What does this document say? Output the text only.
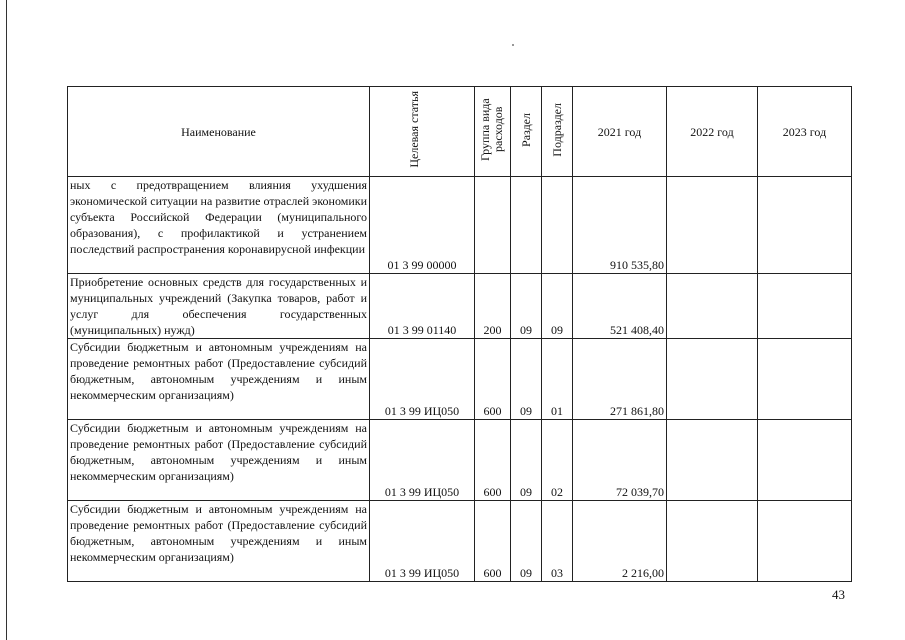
Наименование	Целевая статья	Группа вида расходов	Раздел	Подраздел	2021 год	2022 год	2023 год

ных с предотвращением влияния ухудшения экономической ситуации на развитие отраслей экономики субъекта Российской Федерации (муниципального образования), с профилактикой и устранением последствий распространения коронавирусной инфекции	01 3 99 00000				910 535,80		

Приобретение основных средств для государственных и муниципальных учреждений (Закупка товаров, работ и услуг для обеспечения государственных (муниципальных) нужд)	01 3 99 01140	200	09	09	521 408,40		

Субсидии бюджетным и автономным учреждениям на проведение ремонтных работ (Предоставление субсидий бюджетным, автономным учреждениям и иным некоммерческим организациям)	01 3 99 ИЦ050	600	09	01	271 861,80		

Субсидии бюджетным и автономным учреждениям на проведение ремонтных работ (Предоставление субсидий бюджетным, автономным учреждениям и иным некоммерческим организациям)	01 3 99 ИЦ050	600	09	02	72 039,70		

Субсидии бюджетным и автономным учреждениям на проведение ремонтных работ (Предоставление субсидий бюджетным, автономным учреждениям и иным некоммерческим организациям)	01 3 99 ИЦ050	600	09	03	2 216,00		
43
